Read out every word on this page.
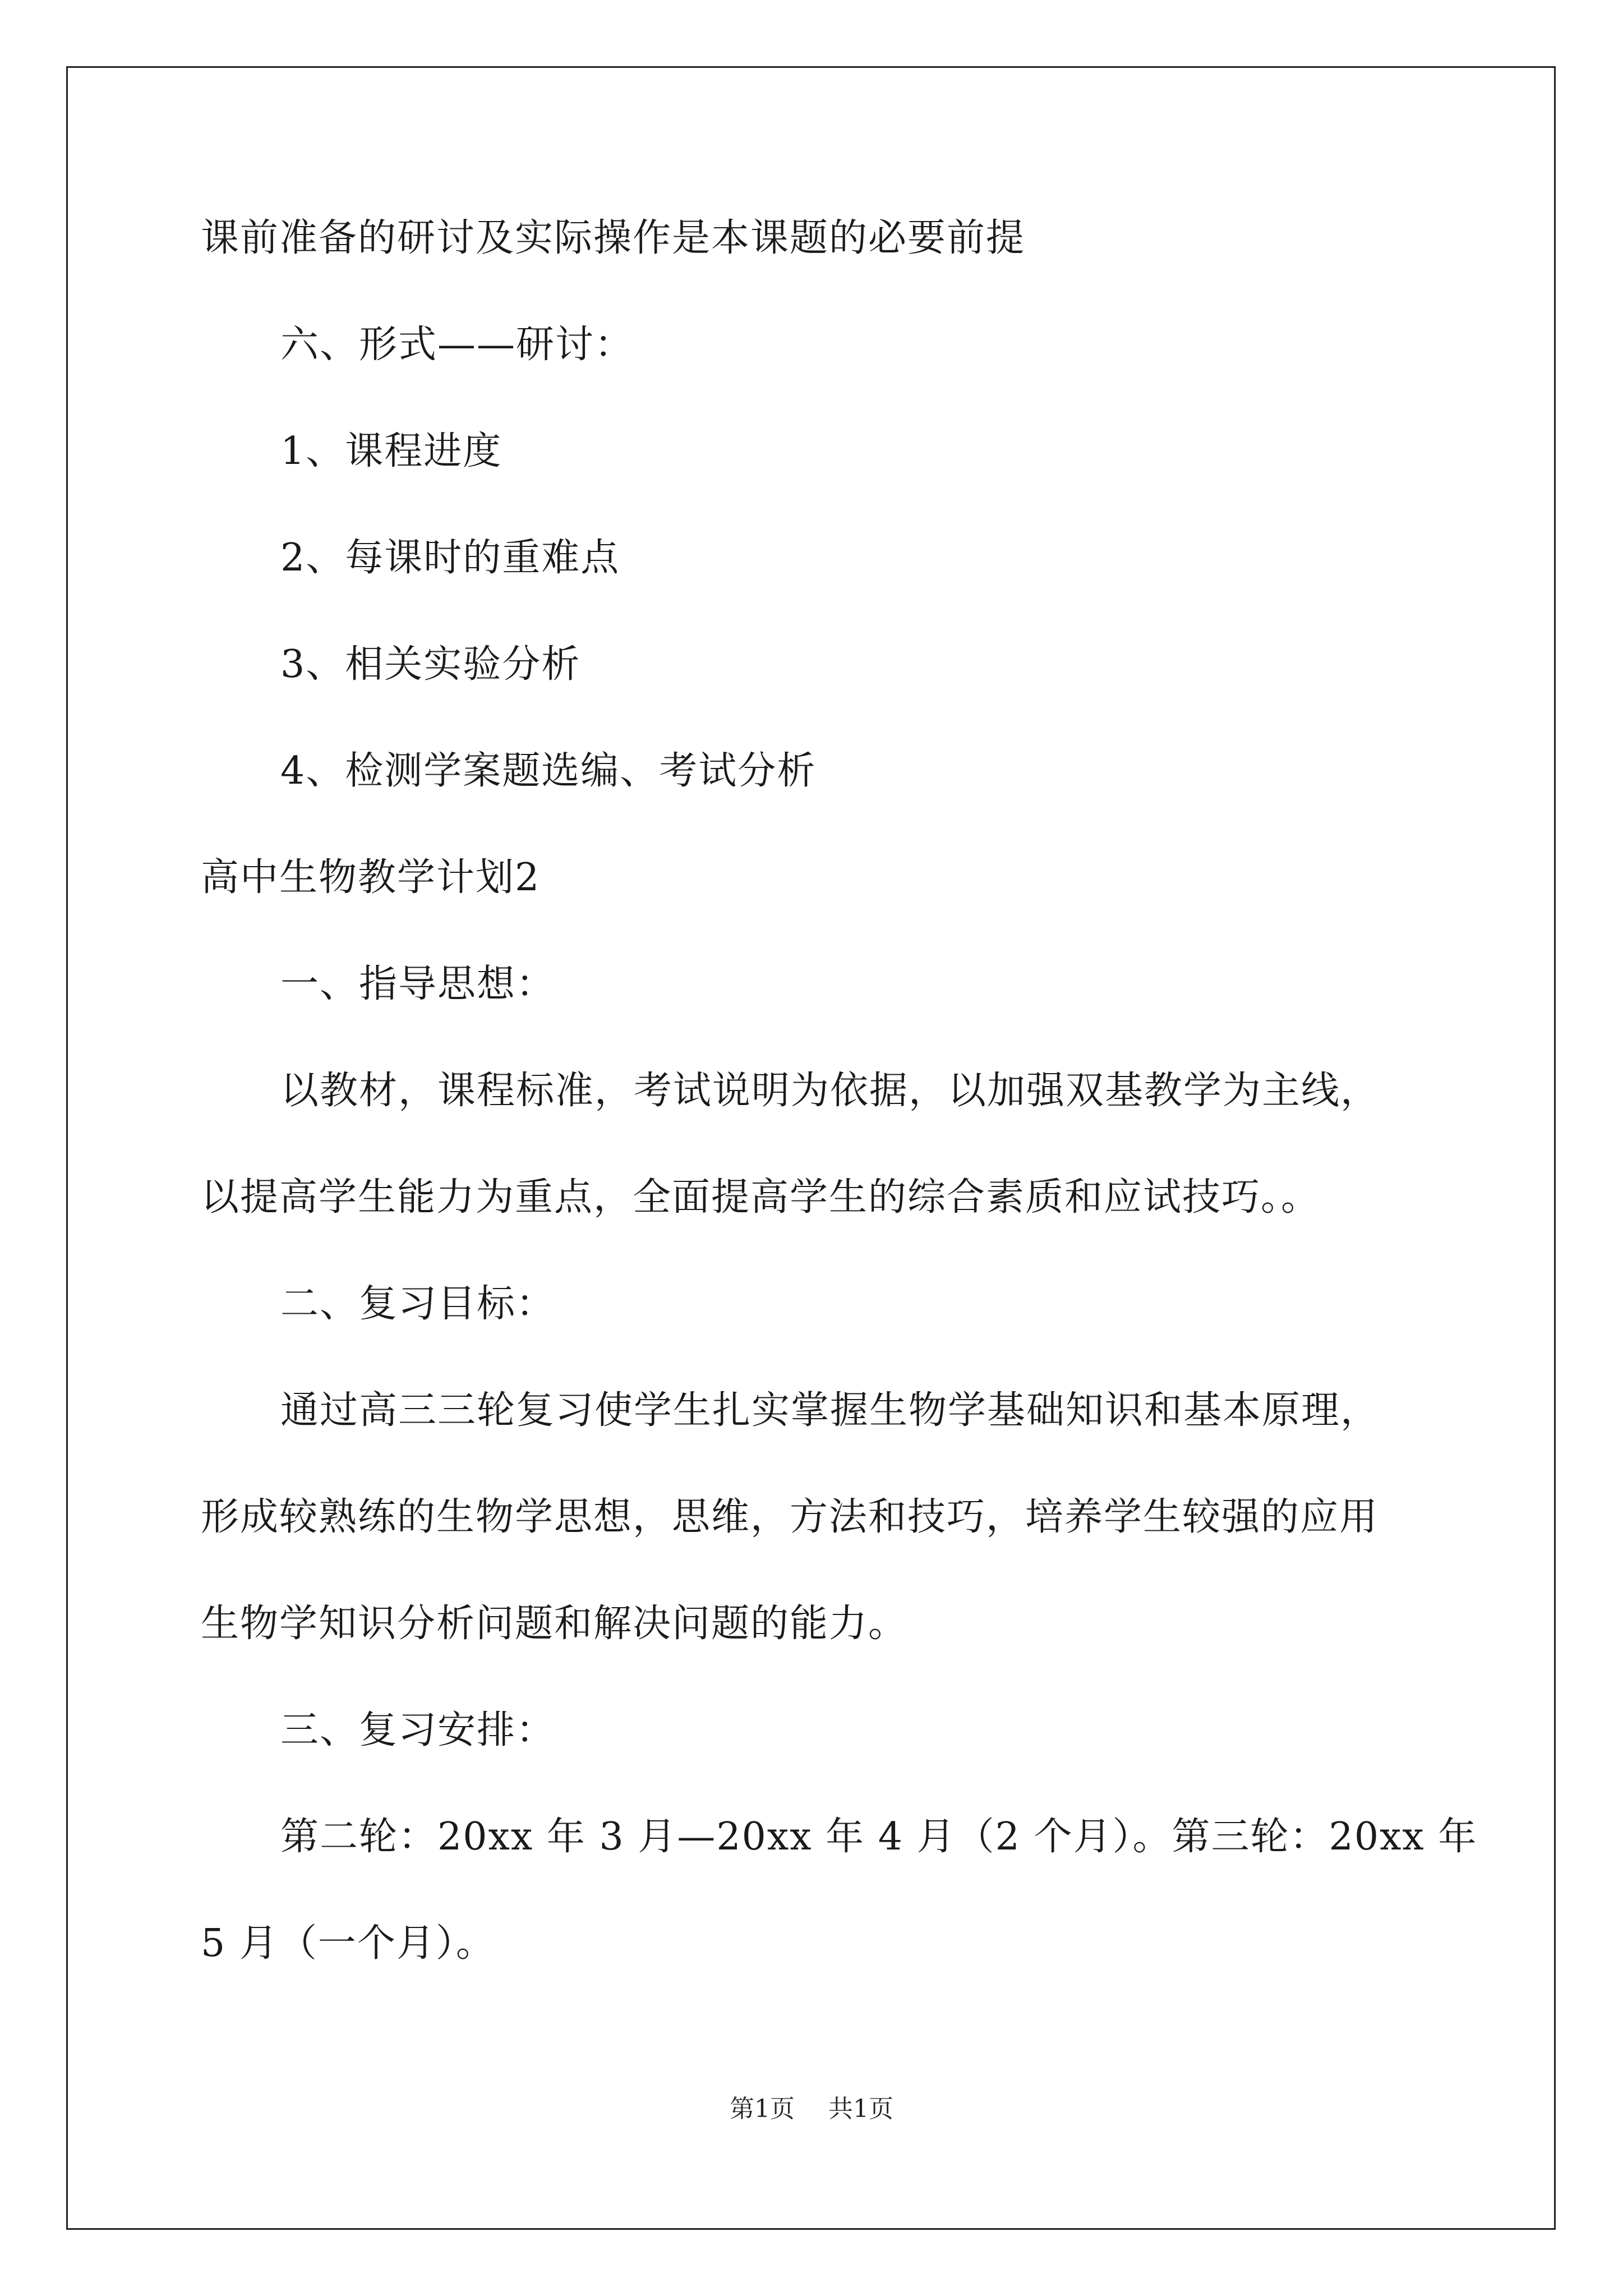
课前准备的研讨及实际操作是本课题的必要前提
六、形式——研讨：
1、课程进度
2、每课时的重难点
3、相关实验分析
4、检测学案题选编、考试分析
高中生物教学计划2
一、指导思想：
以教材，课程标准，考试说明为依据，以加强双基教学为主线，
以提高学生能力为重点，全面提高学生的综合素质和应试技巧。。
二、复习目标：
通过高三三轮复习使学生扎实掌握生物学基础知识和基本原理，
形成较熟练的生物学思想，思维，方法和技巧，培养学生较强的应用
生物学知识分析问题和解决问题的能力。
三、复习安排：
第二轮：20xx 年 3 月—20xx 年 4 月（2 个月）。第三轮：20xx 年
5 月（一个月）。
第1页 共1页
